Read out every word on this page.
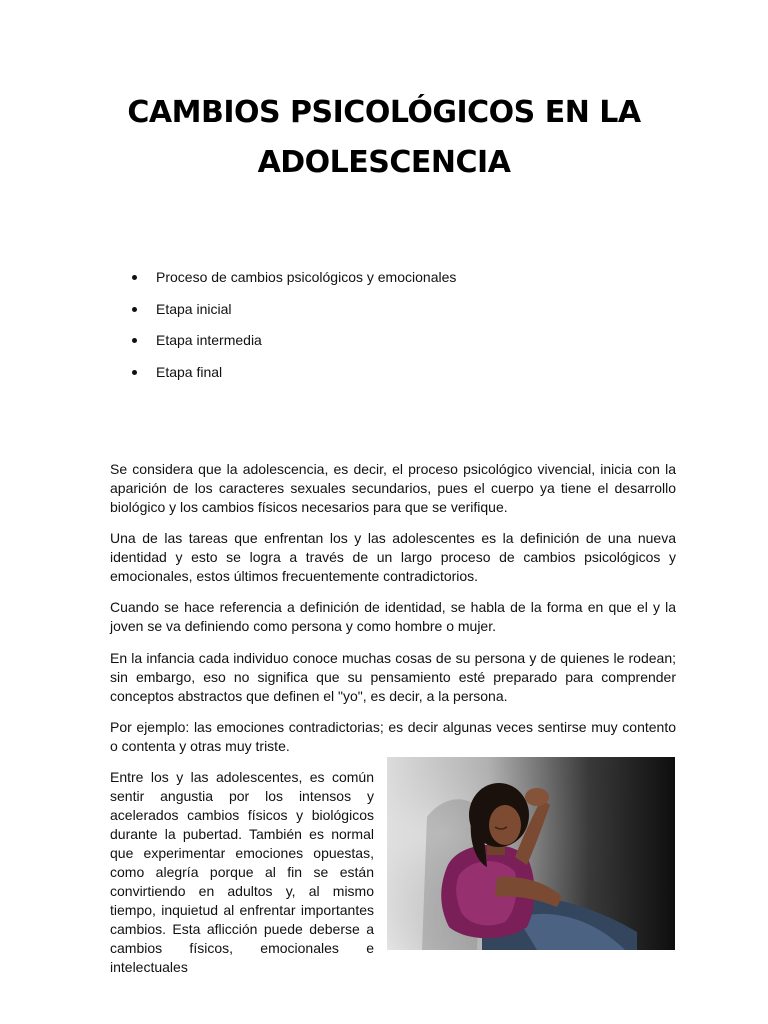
CAMBIOS PSICOLÓGICOS EN LA
ADOLESCENCIA
Proceso de cambios psicológicos y emocionales
Etapa inicial
Etapa intermedia
Etapa final

Se considera que la adolescencia, es decir, el proceso psicológico vivencial, inicia con la aparición de los caracteres sexuales secundarios, pues el cuerpo ya tiene el desarrollo biológico y los cambios físicos necesarios para que se verifique.

Una de las tareas que enfrentan los y las adolescentes es la definición de una nueva identidad y esto se logra a través de un largo proceso de cambios psicológicos y emocionales, estos últimos frecuentemente contradictorios.

Cuando se hace referencia a definición de identidad, se habla de la forma en que el y la joven se va definiendo como persona y como hombre o mujer.

En la infancia cada individuo conoce muchas cosas de su persona y de quienes le rodean; sin embargo, eso no significa que su pensamiento esté preparado para comprender conceptos abstractos que definen el "yo", es decir, a la persona.

Por ejemplo: las emociones contradictorias; es decir algunas veces sentirse muy contento o contenta y otras muy triste.

Entre los y las adolescentes, es común sentir angustia por los intensos y acelerados cambios físicos y biológicos durante la pubertad. También es normal que experimentar emociones opuestas, como alegría porque al fin se están convirtiendo en adultos y, al mismo tiempo, inquietud al enfrentar importantes cambios. Esta aflicción puede deberse a cambios físicos, emocionales e intelectuales
